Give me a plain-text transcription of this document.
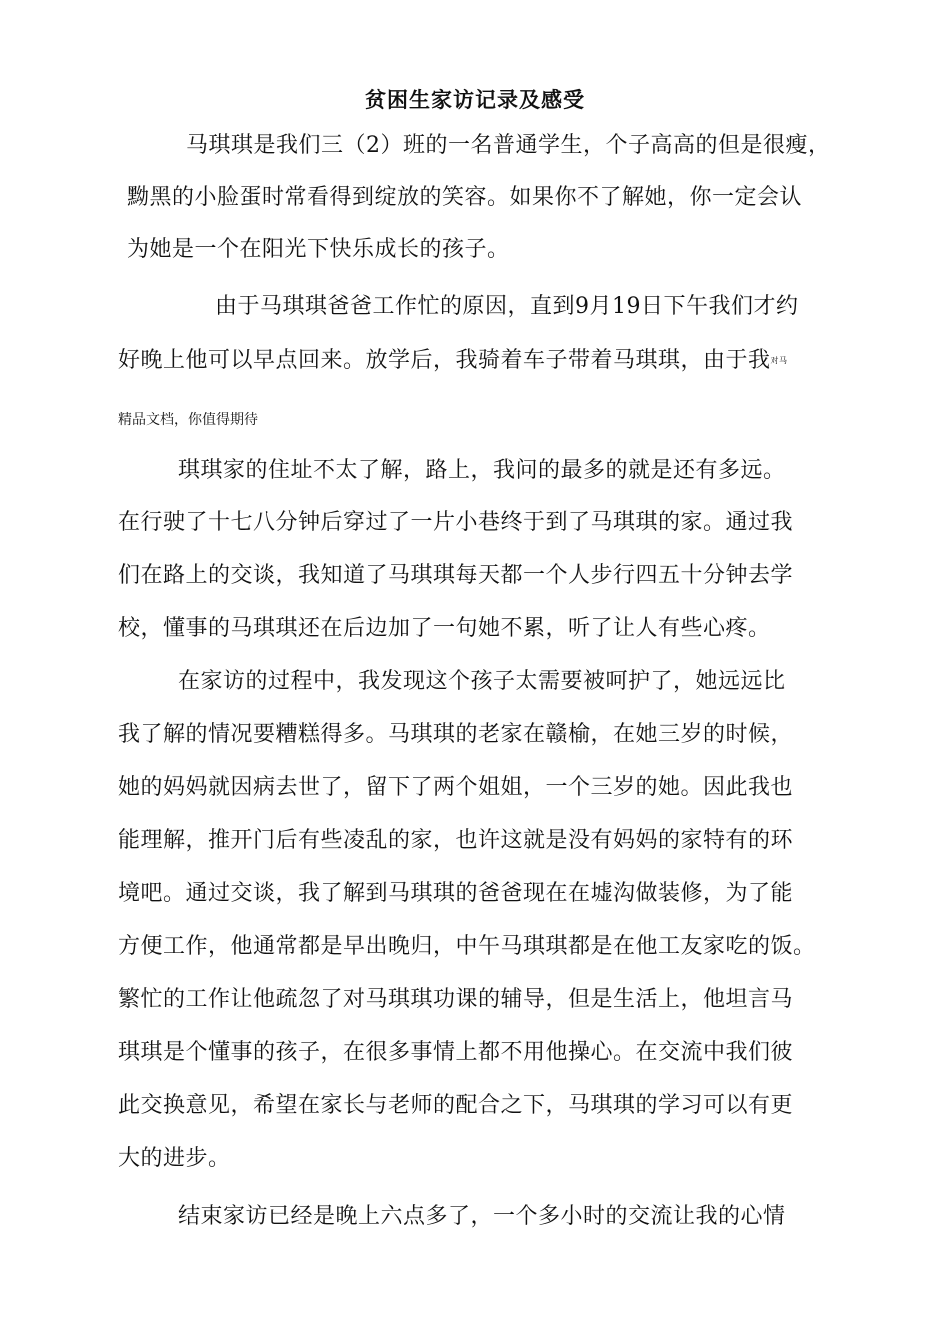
贫困生家访记录及感受
马琪琪是我们三（2）班的一名普通学生，个子高高的但是很瘦，
黝黑的小脸蛋时常看得到绽放的笑容。如果你不了解她，你一定会认
为她是一个在阳光下快乐成长的孩子。
由于马琪琪爸爸工作忙的原因，直到9月19日下午我们才约
好晚上他可以早点回来。放学后，我骑着车子带着马琪琪，由于我$^{对马}$
精品文档，你值得期待
琪琪家的住址不太了解，路上，我问的最多的就是还有多远。
在行驶了十七八分钟后穿过了一片小巷终于到了马琪琪的家。通过我
们在路上的交谈，我知道了马琪琪每天都一个人步行四五十分钟去学
校，懂事的马琪琪还在后边加了一句她不累，听了让人有些心疼。
在家访的过程中，我发现这个孩子太需要被呵护了，她远远比
我了解的情况要糟糕得多。马琪琪的老家在赣榆，在她三岁的时候，
她的妈妈就因病去世了，留下了两个姐姐，一个三岁的她。因此我也
能理解，推开门后有些凌乱的家，也许这就是没有妈妈的家特有的环
境吧。通过交谈，我了解到马琪琪的爸爸现在在墟沟做装修，为了能
方便工作，他通常都是早出晚归，中午马琪琪都是在他工友家吃的饭。
繁忙的工作让他疏忽了对马琪琪功课的辅导，但是生活上，他坦言马
琪琪是个懂事的孩子，在很多事情上都不用他操心。在交流中我们彼
此交换意见，希望在家长与老师的配合之下，马琪琪的学习可以有更
大的进步。
结束家访已经是晚上六点多了，一个多小时的交流让我的心情
